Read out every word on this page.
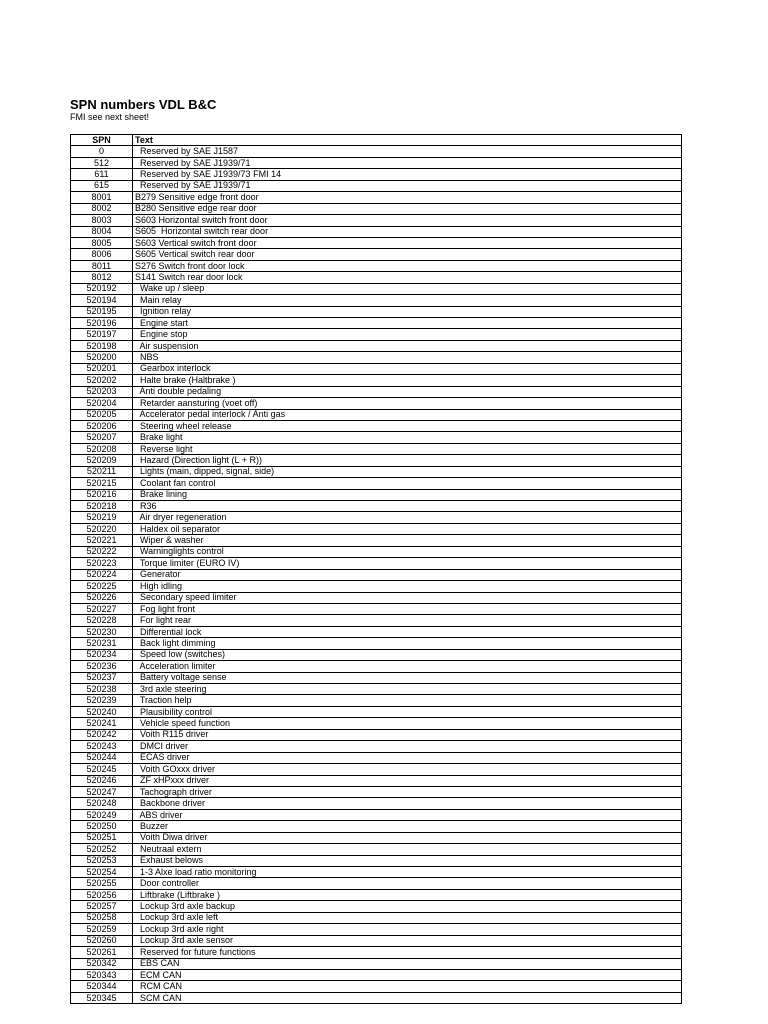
SPN numbers VDL B&C
FMI see next sheet!
SPN	Text
0	Reserved by SAE J1587
512	Reserved by SAE J1939/71
611	Reserved by SAE J1939/73 FMI 14
615	Reserved by SAE J1939/71
8001	B279 Sensitive edge front door
8002	B280 Sensitive edge rear door
8003	S603 Horizontal switch front door
8004	S605  Horizontal switch rear door
8005	S603 Vertical switch front door
8006	S605 Vertical switch rear door
8011	S276 Switch front door lock
8012	S141 Switch rear door lock
520192	Wake up / sleep
520194	Main relay
520195	Ignition relay
520196	Engine start
520197	Engine stop
520198	Air suspension
520200	NBS
520201	Gearbox interlock
520202	Halte brake (Haltbrake )
520203	Anti double pedaling
520204	Retarder aansturing (voet off)
520205	Accelerator pedal interlock / Anti gas
520206	Steering wheel release
520207	Brake light
520208	Reverse light
520209	Hazard (Direction light (L + R))
520211	Lights (main, dipped, signal, side)
520215	Coolant fan control
520216	Brake lining
520218	R36
520219	Air dryer regeneration
520220	Haldex oil separator
520221	Wiper & washer
520222	Warninglights control
520223	Torque limiter (EURO IV)
520224	Generator
520225	High idling
520226	Secondary speed limiter
520227	Fog light front
520228	For light rear
520230	Differential lock
520231	Back light dimming
520234	Speed low (switches)
520236	Acceleration limiter
520237	Battery voltage sense
520238	3rd axle steering
520239	Traction help
520240	Plausibility control
520241	Vehicle speed function
520242	Voith R115 driver
520243	DMCI driver
520244	ECAS driver
520245	Voith GOxxx driver
520246	ZF xHPxxx driver
520247	Tachograph driver
520248	Backbone driver
520249	ABS driver
520250	Buzzer
520251	Voith Diwa driver
520252	Neutraal extern
520253	Exhaust belows
520254	1-3 Alxe load ratio monitoring
520255	Door controller
520256	Liftbrake (Liftbrake )
520257	Lockup 3rd axle backup
520258	Lockup 3rd axle left
520259	Lockup 3rd axle right
520260	Lockup 3rd axle sensor
520261	Reserved for future functions
520342	EBS CAN
520343	ECM CAN
520344	RCM CAN
520345	SCM CAN
